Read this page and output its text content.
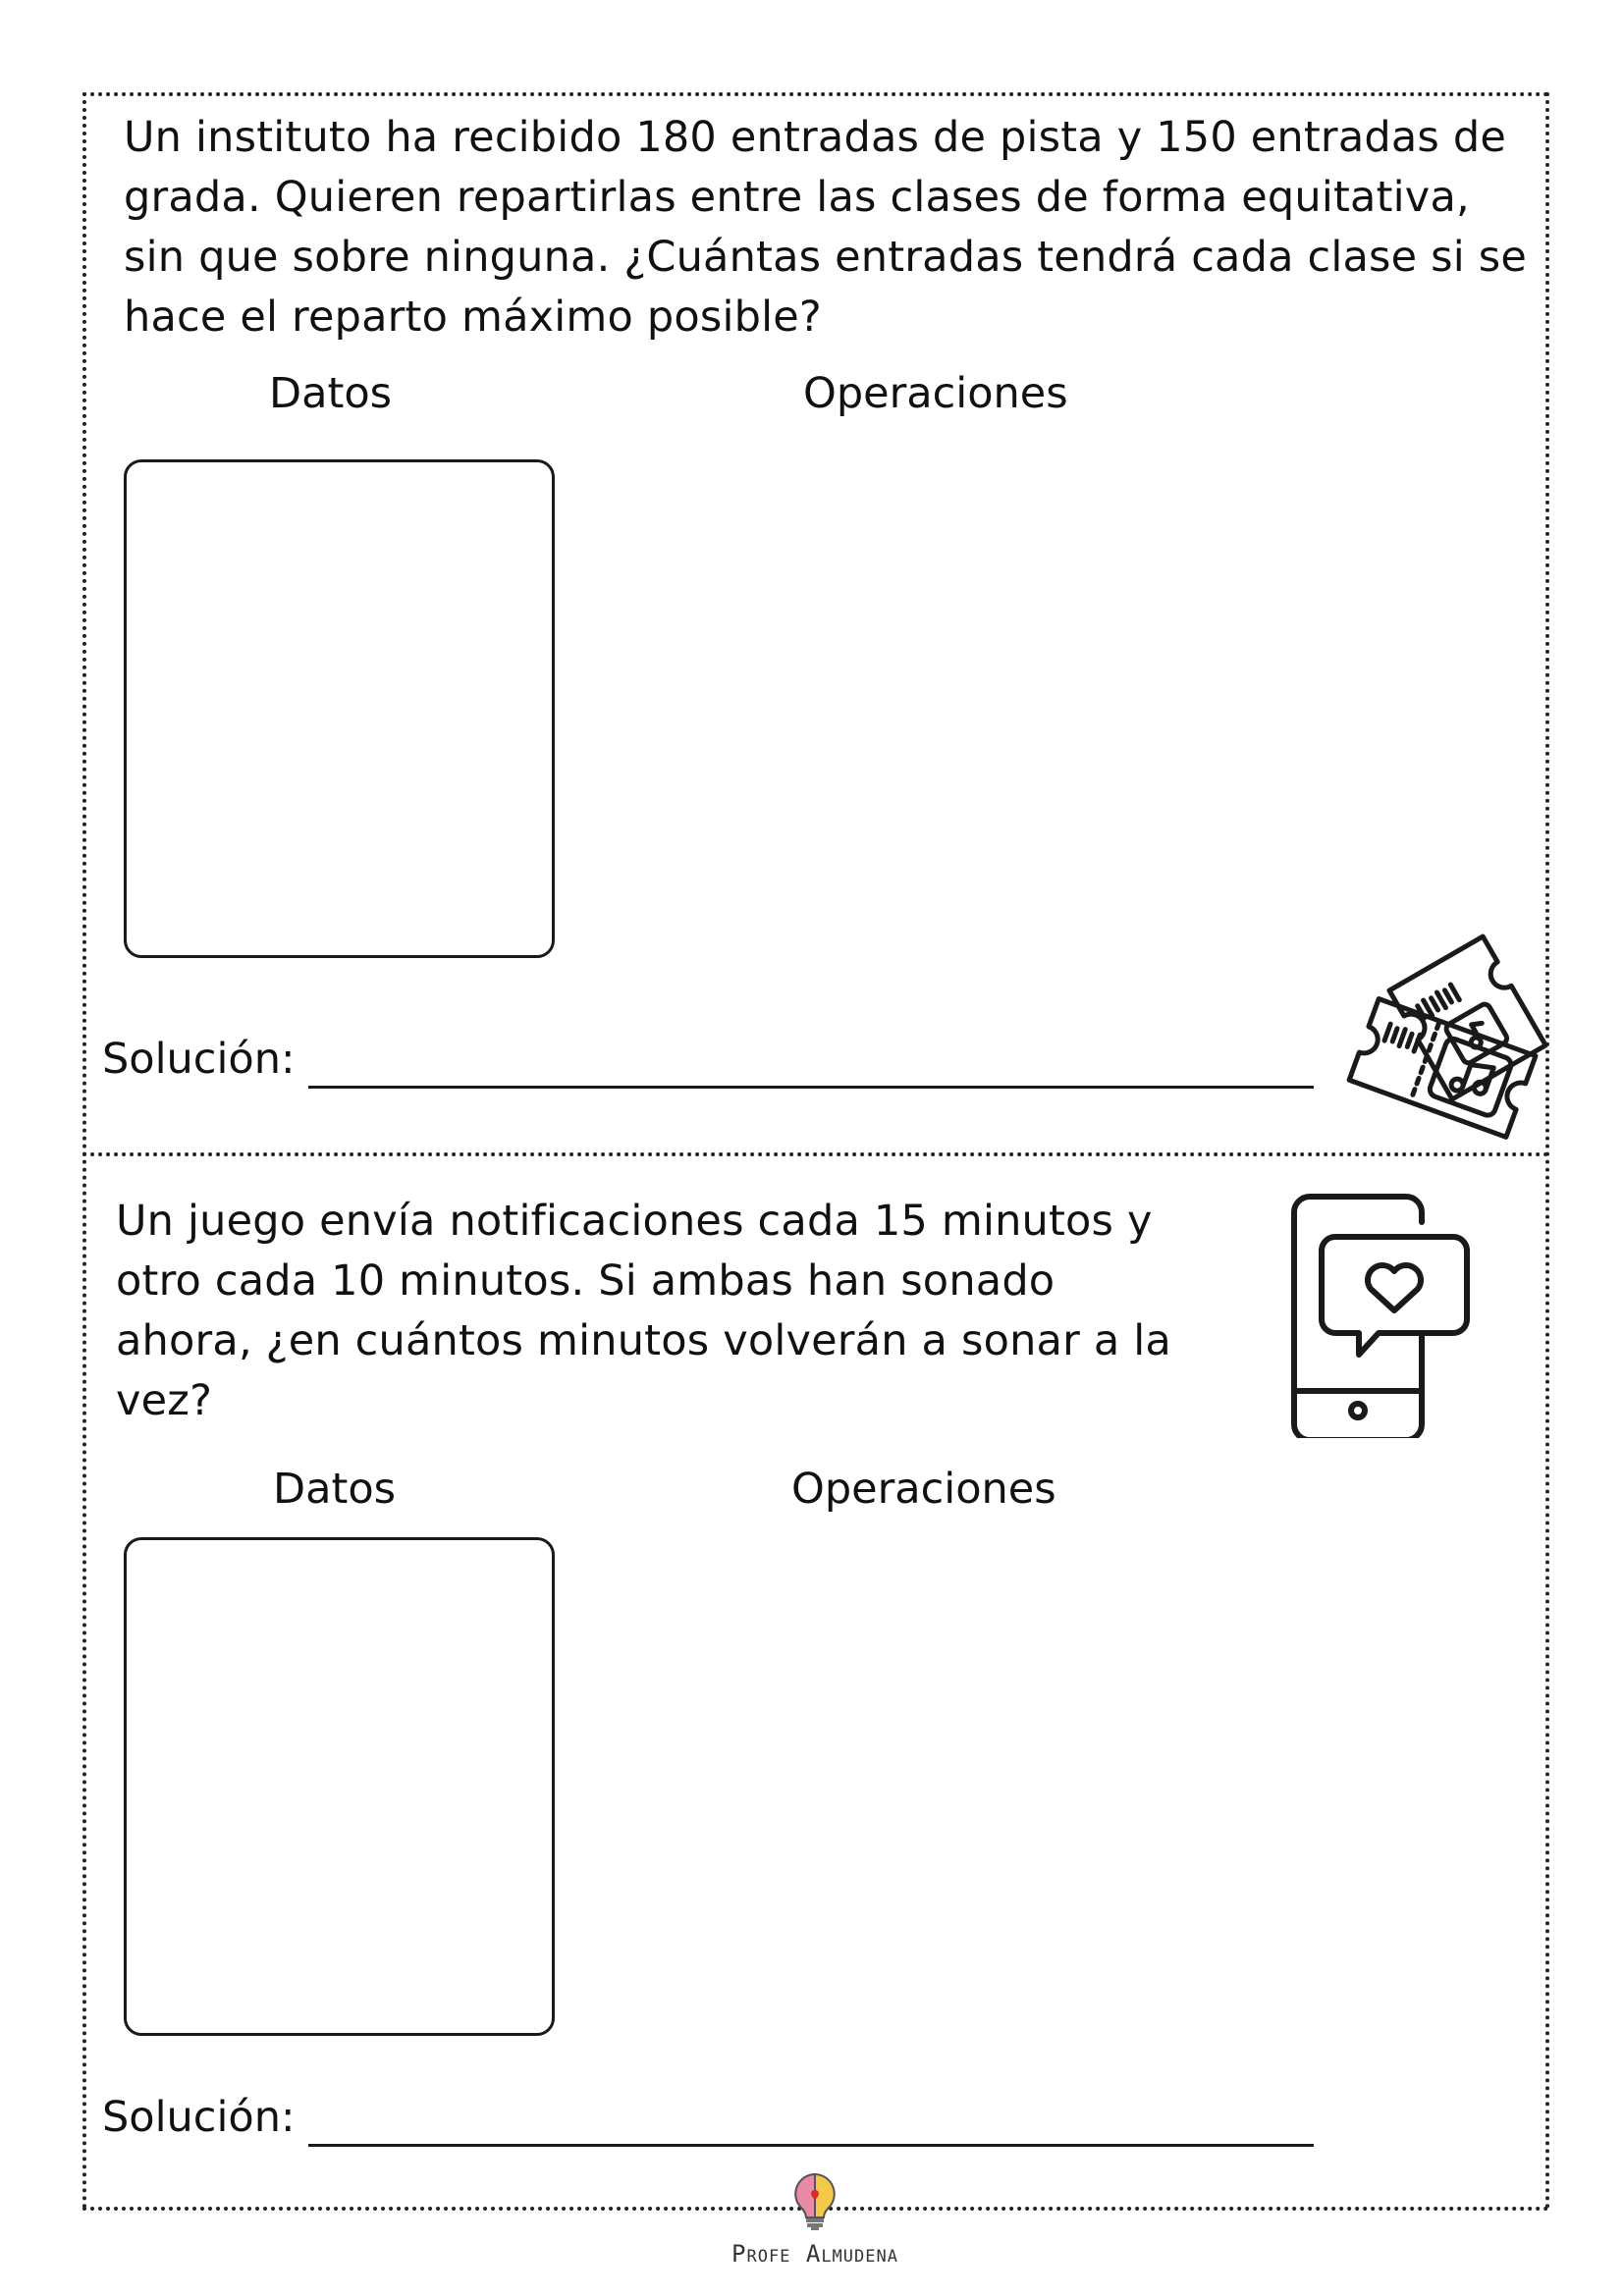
Un instituto ha recibido 180 entradas de pista y 150 entradas de grada. Quieren repartirlas entre las clases de forma equitativa, sin que sobre ninguna. ¿Cuántas entradas tendrá cada clase si se hace el reparto máximo posible?

Datos	Operaciones
Solución:

Un juego envía notificaciones cada 15 minutos y otro cada 10 minutos. Si ambas han sonado ahora, ¿en cuántos minutos volverán a sonar a la vez?

Datos	Operaciones
Solución:
Profe Almudena
